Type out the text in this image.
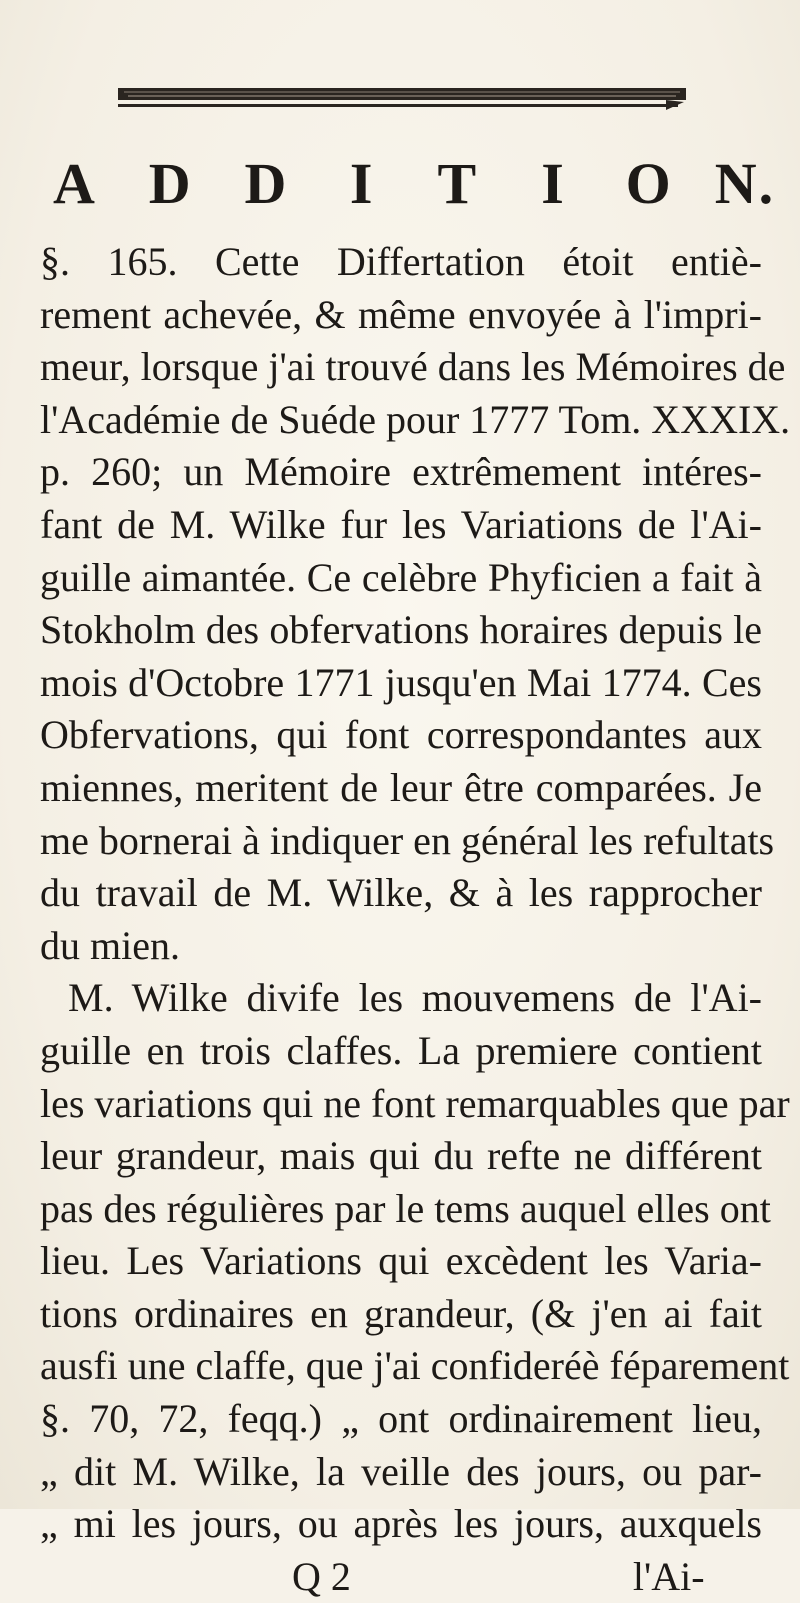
A D D	I	T	I	O N.
§. 165. Cette Differtation étoit entiè-
rement achevée, & même envoyée à l'impri-
meur, lorsque j'ai trouvé dans les Mémoires de
l'Académie de Suéde pour 1777 Tom. XXXIX.
p. 260; un Mémoire extrêmement intéres-
fant de M. Wilke fur les Variations de l'Ai-
guille aimantée. Ce celèbre Phyficien a fait à
Stokholm des obfervations horaires depuis le
mois d'Octobre 1771 jusqu'en Mai 1774. Ces
Obfervations, qui font correspondantes aux
miennes, meritent de leur être comparées. Je
me bornerai à indiquer en général les refultats
du travail de M. Wilke, & à les rapprocher
du mien.
M. Wilke divife les mouvemens de l'Ai-
guille en trois claffes. La premiere contient
les variations qui ne font remarquables que par
leur grandeur, mais qui du refte ne différent
pas des régulières par le tems auquel elles ont
lieu. Les Variations qui excèdent les Varia-
tions ordinaires en grandeur, (& j'en ai fait
ausfi une claffe, que j'ai confideréè féparement
§. 70, 72, feqq.) „ ont ordinairement lieu,
„ dit M. Wilke, la veille des jours, ou par-
„ mi les jours, ou après les jours, auxquels
Q 2	l'Ai-
